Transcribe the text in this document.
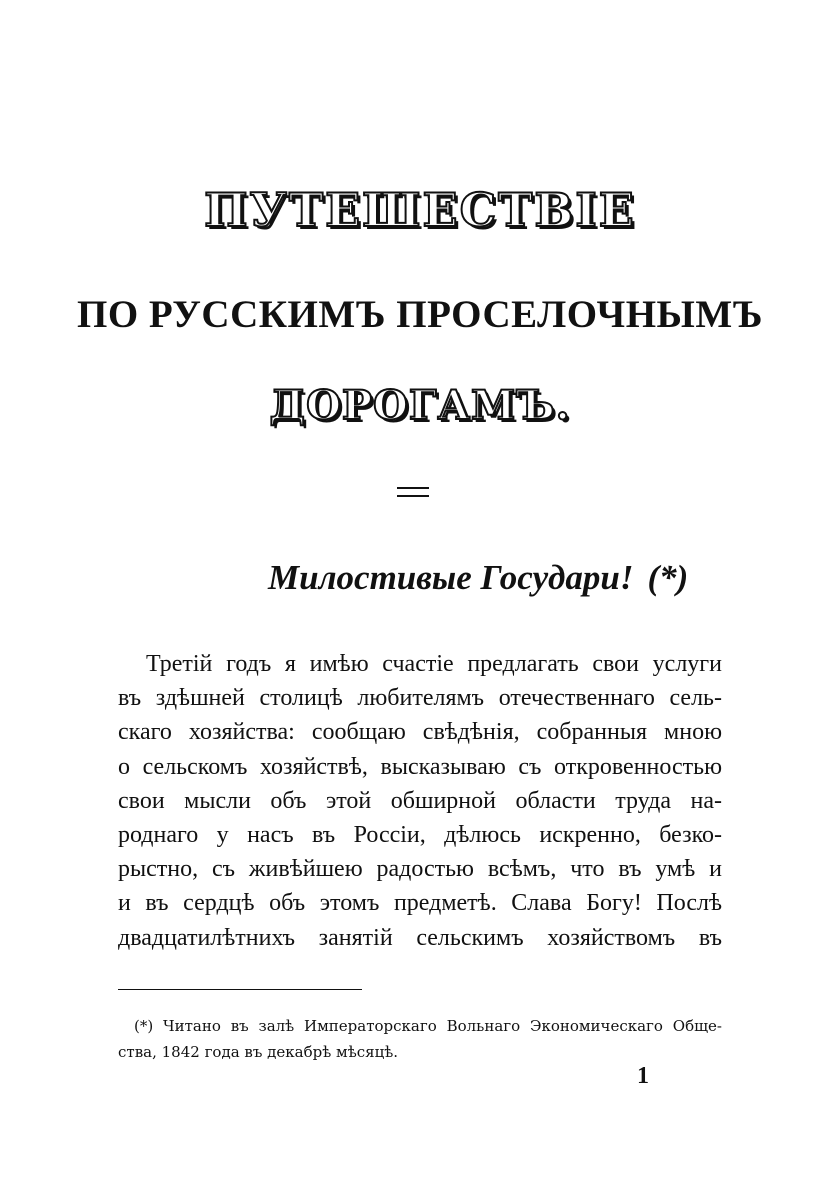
ПУТЕШЕСТВІЕ
ПО РУССКИМЪ ПРОСЕЛОЧНЫМЪ
ДОРОГАМЪ.
Милостивые Государи! (*)
Третій годъ я имѣю счастіе предлагать свои услуги
въ здѣшней столицѣ любителямъ отечественнаго сель-
скаго хозяйства: сообщаю свѣдѣнія, собранныя мною
о сельскомъ хозяйствѣ, высказываю съ откровенностью
свои мысли объ этой обширной области труда на-
роднаго у насъ въ Россіи, дѣлюсь искренно, безко-
рыстно, съ живѣйшею радостью всѣмъ, что въ умѣ и
и въ сердцѣ объ этомъ предметѣ. Слава Богу! Послѣ
двадцатилѣтнихъ занятій сельскимъ хозяйствомъ въ
(*) Читано въ залѣ Императорскаго Вольнаго Экономическаго Обще-
ства, 1842 года въ декабрѣ мѣсяцѣ.
1
